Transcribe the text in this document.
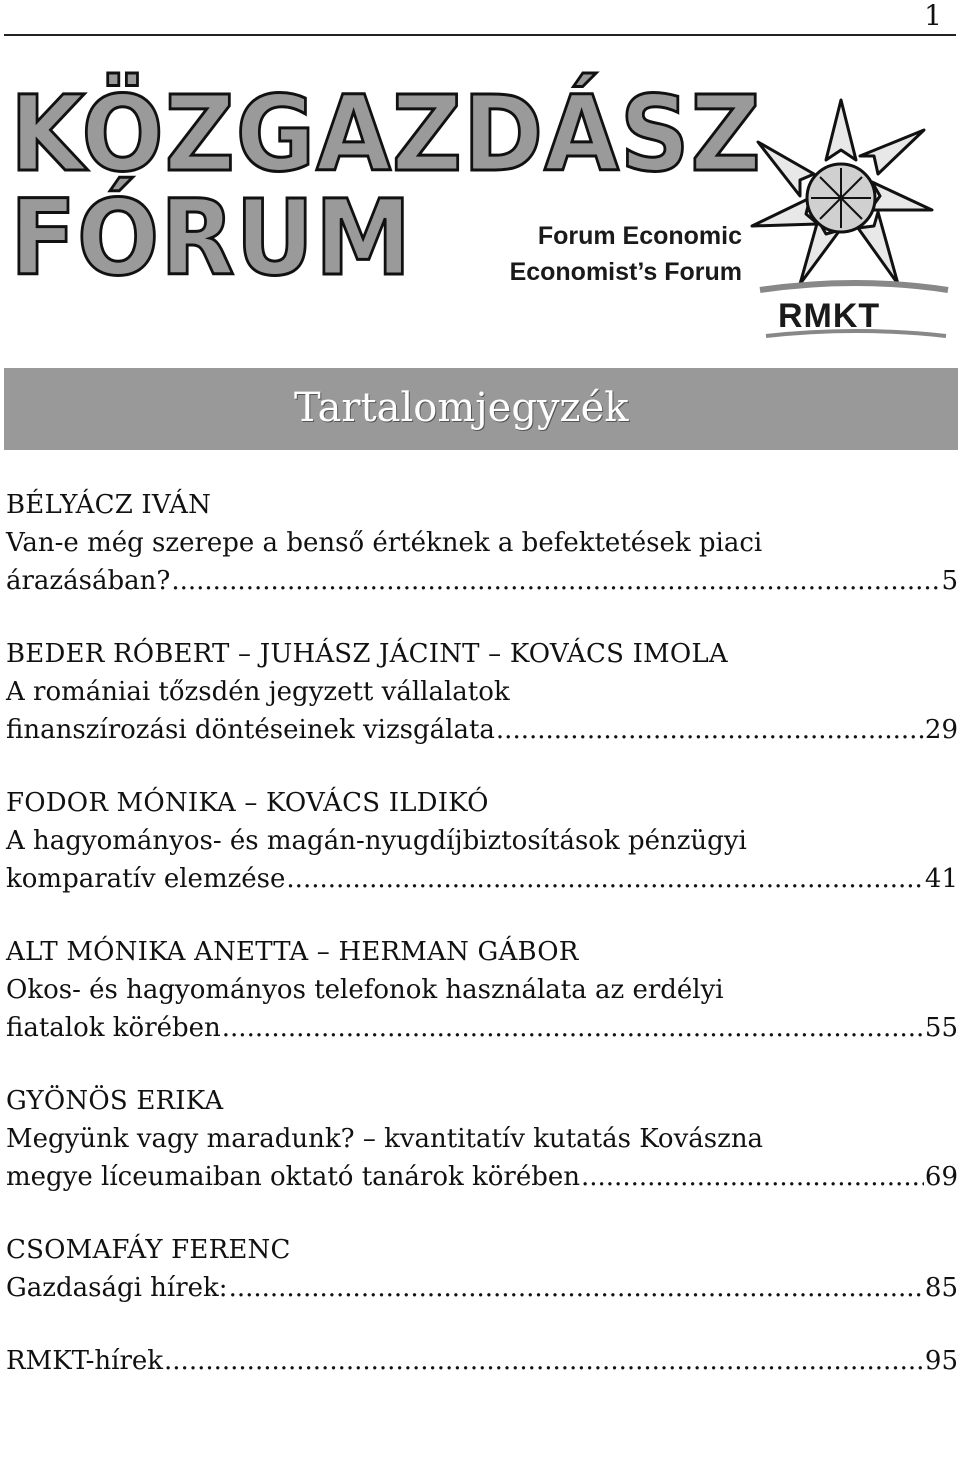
1
KÖZGAZDÁSZ
FÓRUM	Forum Economic
Economist’s Forum
RMKT
Tartalomjegyzék
BÉLYÁCZ IVÁN
Van-e még szerepe a benső értéknek a befektetések piaci
árazásában? .....	5
BEDER RÓBERT – JUHÁSZ JÁCINT – KOVÁCS IMOLA
A romániai tőzsdén jegyzett vállalatok
finanszírozási döntéseinek vizsgálata .....	29
FODOR MÓNIKA – KOVÁCS ILDIKÓ
A hagyományos- és magán-nyugdíjbiztosítások pénzügyi
komparatív elemzése .....	41
ALT MÓNIKA ANETTA – HERMAN GÁBOR
Okos- és hagyományos telefonok használata az erdélyi
fiatalok körében .....	55
GYÖNÖS ERIKA
Megyünk vagy maradunk? – kvantitatív kutatás Kovászna
megye líceumaiban oktató tanárok körében .....	69
CSOMAFÁY FERENC
Gazdasági hírek: .....	85
RMKT-hírek .....	95
